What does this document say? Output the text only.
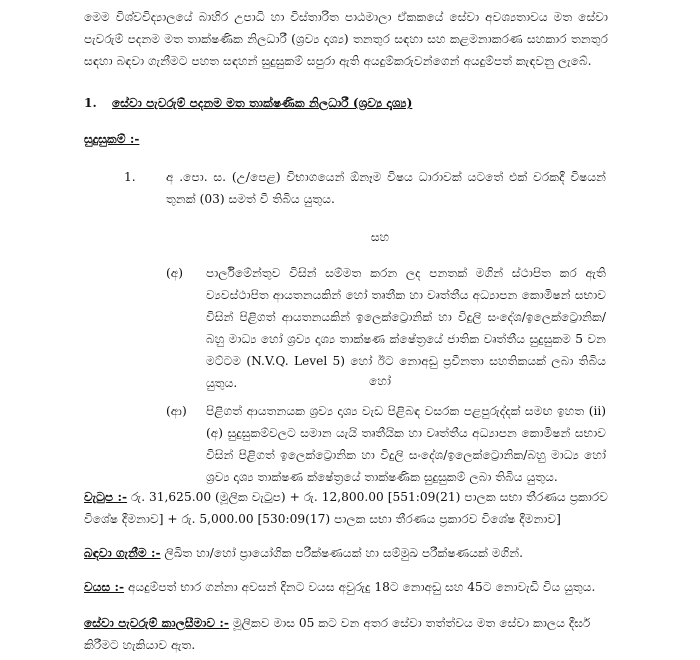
මෙම විශ්වවිද්‍යාලයේ බාහිර උපාධි හා විස්තාරිත පාඨමාලා ඒකකයේ සේවා අවශ්‍යතාවය මත සේවා පැවරුම් පදනම මත තාක්ෂණික නිලධාරී (ශ්‍රව්‍ය දෘශ්‍ය) තනතුර සඳහා සහ කළමනාකරණ සහකාර තනතුර සඳහා බඳවා ගැනීමට පහත සඳහන් සුදුසුකම් සපුරා ඇති අයදුම්කරුවන්ගෙන් අයදුම්පත් කැඳවනු ලැබේ.
1. සේවා පැවරුම් පදනම මත තාක්ෂණික නිලධාරී (ශ්‍රව්‍ය දෘශ්‍ය)
සුදුසුකම් :-
1. අ .පො. ස. (උ/පෙළ) විභාගයෙන් ඕනෑම විෂය ධාරාවක් යටතේ එක් වරකදී විෂයන් තුනක් (03) සමත් වී තිබිය යුතුය.
සහ
(අ) පාර්ලිමේන්තුව විසින් සම්මත කරන ලද පනතක් මගින් ස්ථාපිත කර ඇති ව්‍යවස්ථාපිත ආයතනයකින් හෝ තෘතීක හා වෘත්තීය අධ්‍යාපන කොමිෂන් සභාව විසින් පිළිගත් ආයතනයකින් ඉලෙක්ට්‍රොනික් හා විදුලි සංදේශ/ඉලෙක්ට්‍රොනික/බහු මාධ්‍ය හෝ ශ්‍රව්‍ය දෘශ්‍ය තාක්ෂණ ක්ෂේත්‍රයේ ජාතික වෘත්තීය සුදුසුකම 5 වන මට්ටම (N.V.Q. Level 5) හෝ ඊට නොඅඩු ප්‍රවීනතා සහතිකයක් ලබා තිබිය යුතුය.	හෝ
(ආ) පිළිගත් ආයතනයක ශ්‍රව්‍ය දෘශ්‍ය වැඩ පිළිබඳ වසරක පළපුරුද්දක් සමඟ ඉහත (ii) (අ) සුදුසුකම්වලට සමාන යැයි තෘතීයික හා වෘත්තීය අධ්‍යාපන කොමිෂන් සභාව විසින් පිළිගත් ඉලෙක්ට්‍රොනික හා විදුලි සංදේශ/ඉලෙක්ට්‍රොනික/බහු මාධ්‍ය හෝ ශ්‍රව්‍ය දෘශ්‍ය තාක්ෂණ ක්ෂේත්‍රයේ තාක්ෂණික සුදුසුකම් ලබා තිබිය යුතුය.
වැටුප :- රු. 31,625.00 (මූලික වැටුප) + රු. 12,800.00 [551:09(21) පාලක සභා තීරණය ප්‍රකාරව විශේෂ දීමනාව] + රු. 5,000.00 [530:09(17) පාලක සභා තීරණය ප්‍රකාරව විශේෂ දීමනාව]
බඳවා ගැනීම :- ලිඛිත හා/හෝ ප්‍රායෝගික පරීක්ෂණයක් හා සම්මුඛ පරීක්ෂණයක් මගින්.
වයස :- අයදුම්පත් භාර ගන්නා අවසන් දිනට වයස අවුරුදු 18ට නොඅඩු සහ 45ට නොවැඩි විය යුතුය.
සේවා පැවරුම් කාලසීමාව :- මූලිකව මාස 05 කට වන අතර සේවා තත්ත්වය මත සේවා කාලය දීර්ඝ කිරීමට හැකියාව ඇත.
